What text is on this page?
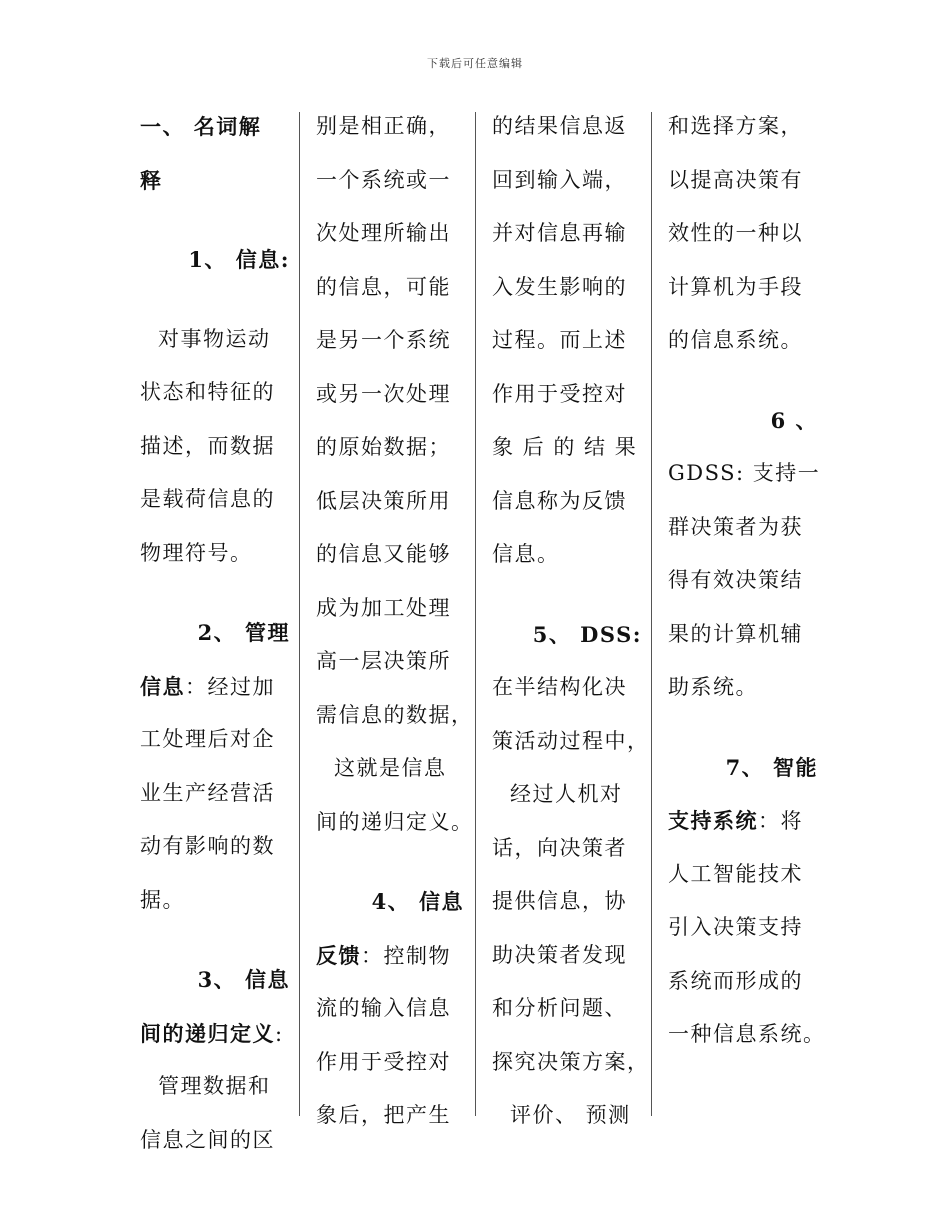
下载后可任意编辑
一、 名词解
释
1、 信息:
对事物运动
状态和特征的
描述，而数据
是载荷信息的
物理符号。
2、 管理
信息：经过加
工处理后对企
业生产经营活
动有影响的数
据。
3、 信息
间的递归定义:
管理数据和
信息之间的区
别是相正确，
一个系统或一
次处理所输出
的信息，可能
是另一个系统
或另一次处理
的原始数据；
低层决策所用
的信息又能够
成为加工处理
高一层决策所
需信息的数据，
这就是信息
间的递归定义。
4、 信息
反馈：控制物
流的输入信息
作用于受控对
象后，把产生
的结果信息返
回到输入端，
并对信息再输
入发生影响的
过程。而上述
作用于受控对
象 后 的 结 果
信息称为反馈
信息。
5、 DSS:
在半结构化决
策活动过程中，
经过人机对
话，向决策者
提供信息，协
助决策者发现
和分析问题、
探究决策方案，
评价、 预测
和选择方案，
以提高决策有
效性的一种以
计算机为手段
的信息系统。
6 、
GDSS: 支持一
群决策者为获
得有效决策结
果的计算机辅
助系统。
7、 智能
支持系统：将
人工智能技术
引入决策支持
系统而形成的
一种信息系统。
